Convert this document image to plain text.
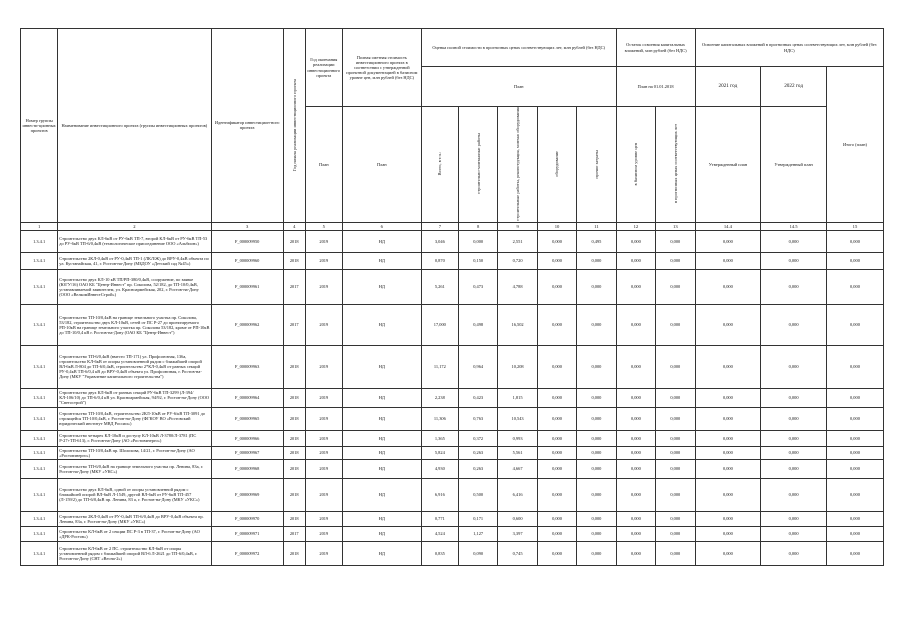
Номер группы инвести-ционных проектов	Наименование инвестиционного проекта (группы инвестиционных проектов)	Идентификатор инвестицион-ного проекта	Год начала реализации инвестиционного проекта	Год окончания реализации инвестиционного проекта	Полная сметная стоимость инвестиционного проекта в соответствии с утвержденной проектной документацией в базисном уровне цен, млн рублей (без НДС)	Оценка полной стоимости в прогнозных ценах соответствующих лет, млн рублей (без НДС)					Остаток освоения капитальных вложений, млн рублей (без НДС)		Освоение капитальных вложений в прогнозных ценах соответствующих лет, млн рублей (без НДС)		
						План					План на 01.01.2018		2021 год	2022 год	Итого (план)
				План	План	Всего, в т.ч.:	строительно-монтажные работы	строительные работы, реконструкция, монтаж оборудования	оборудование	прочие затраты	в базисном уровне цен	в прогнозных ценах соответствующих лет	Утвержденный план	Утвержденный план	
1	2	3	4	5	6	7	8	9	10	11	12	13	14.4	14.5	15
1.3.4.1	Строительство двух КЛ-6кВ от РУ-6кВ ТП-7, второй КЛ-6кВ от РУ-6кВ ТП-53 до РУ-6кВ ТП-6/0,4кВ (технологическое присоединение ООО «Альбион»)	F_000009950	2018	2019	НД	3,046	0,000	2,551	0,000	0,495	0,000	0,000	0,000	0,000	0,000
1.3.4.1	Строительство 2КЛ-0,4кВ от РУ-0,4кВ ТП-1 (ЛКЛ/Ж) до ВРУ-0,4кВ объекта по ул. Кустанайская, 41, г. Ростов-на-Дону (МБДОУ «Детский сад №45»)	F_000009960	2018	2019	НД	0,870	0,150	0,720	0,000	0,000	0,000	0,000	0,000	0,000	0,000
1.3.4.1	Строительство двух КЛ-10 кВ ТП/РП-380/0,4кВ, сооружение, по заявке (ЮГУ/16) ОАО КБ "Центр-Инвест" пр. Соколова, 52/182, до ТП-10/0,4кВ, устанавливаемой заявителем, ул. Красноармейская, 202, г. Ростов-на-Дону (ООО «ВелкомИнвестСтрой»)	F_000009961	2017	2019	НД	5,261	0,473	4,788	0,000	0,000	0,000	0,000	0,000	0,000	0,000
1.3.4.1	Строительство ТП-10/0,4кВ на границе земельного участка пр. Соколова, 53/182, строительство двух КЛ-10кВ, сетей от ПС Р-27 до проектируемого РП-10кВ на границе земельного участка пр. Соколова 53/182, кроме от РП-10кВ до ТП-10/0,4 кВ г. Ростов-на-Дону (ОАО КБ "Центр-Инвест")	F_000009962	2017	2019	НД	17,000	0,498	16,502	0,000	0,000	0,000	0,000	0,000	0,000	0,000
1.3.4.1	Строительство ТП-6/0,4кВ (вместо ТП-171) ул. Профсоюзная, 136а, строительство КЛ-6кВ от опоры установленной рядом с ближайшей опорой ВЛ-6кВ Л-804 до ТП-6/0,4кВ, строительство 2*КЛ-0,4кВ от разных секций РУ-0,4кВ ТП-6/0,4 кВ до ВРУ-0,4кВ объекта ул. Профсоюзная, г. Ростов-на-Дону (МКУ "Управление капитального строительства")	F_000009963	2018	2019	НД	11,172	0,964	10,208	0,000	0,000	0,000	0,000	0,000	0,000	0,000
1.3.4.1	Строительство двух КЛ-6кВ от разных секций РУ-6кВ ТП-3299 (Л-394/КЛ-106/10) до ТП-6/0,4 кВ ул. Красноармейская, 94/92, г. Ростов-на-Дону (ООО "Светострой")	F_000009964	2018	2019	НД	2,238	0,423	1,815	0,000	0,000	0,000	0,000	0,000	0,000	0,000
1.3.4.1	Строительство ТП-10/0,4кВ, строительство 2КЛ-10кВ от РУ-6/кВ ТП-3091 до строящейся ТП-10/0,4кВ, г. Ростов-на-Дону (ФГКОУ ВО «Ростовский юридический институт МВД России»)	F_000009965	2018	2019	НД	11,306	0,763	10,543	0,000	0,000	0,000	0,000	0,000	0,000	0,000
1.3.4.1	Строительство четырех КЛ-10кВ и доступу КЛ-10кВ Л-3780/Л-3781 (ПС Р-27+ТП-613), г. Ростов-на-Дону (АО «Ростовэнерго»)	F_000009966	2018	2019	НД	1,365	0,372	0,993	0,000	0,000	0,000	0,000	0,000	0,000	0,000
1.3.4.1	Строительство ТП-10/0,4кВ пр. Шолохова, 14/21, г. Ростов-на-Дону (АО «Ростовэнерго»)	F_000009967	2018	2019	НД	5,824	0,263	5,561	0,000	0,000	0,000	0,000	0,000	0,000	0,000
1.3.4.1	Строительство ТП-6/0,4кВ на границе земельного участка пр. Ленина, 83а, г. Ростов-на-Дону (МКУ «УКС»)	F_000009968	2018	2019	НД	4,930	0,263	4,667	0,000	0,000	0,000	0,000	0,000	0,000	0,000
1.3.4.1	Строительство двух КЛ-6кВ, одной от опоры установленной рядом с ближайшей опорой ВЛ-6кВ Л-1549, другой ВЛ-6кВ от РУ-6кВ ТП-457 (Л-159/2) до ТП-6/0,4кВ пр. Ленина, 83 а, г. Ростов-на-Дону (МКУ «УКС»)	F_000009969	2018	2019	НД	6,916	0,500	6,416	0,000	0,000	0,000	0,000	0,000	0,000	0,000
1.3.4.1	Строительство 2КЛ-0,4кВ от РУ-0,4кВ ТП-6/0,4кВ до ВРУ-0,4кВ объекта пр. Ленина, 83а, г. Ростов-на-Дону (МКУ «УКС»)	F_000009970	2018	2019	НД	0,771	0,171	0,600	0,000	0,000	0,000	0,000	0,000	0,000	0,000
1.3.4.1	Строительство КЛ-6кВ от 2 секции ПС Р-3 в ТП-37, г. Ростов-на-Дону (АО «ДРК-Ростов»)	F_000009971	2017	2019	НД	4,524	1,127	3,397	0,000	0,000	0,000	0,000	0,000	0,000	0,000
1.3.4.1	Строительство КЛ-6кВ от 2 ПС. строительство КЛ-6кВ от опоры установленной рядом с ближайшей опорой ВЛ-6 Л-2621 до ТП-6/0,4кВ, г. Ростов-на-Дону (СНТ «Весна-2»)	F_000009972	2018	2019	НД	0,835	0,090	0,745	0,000	0,000	0,000	0,000	0,000	0,000	0,000
